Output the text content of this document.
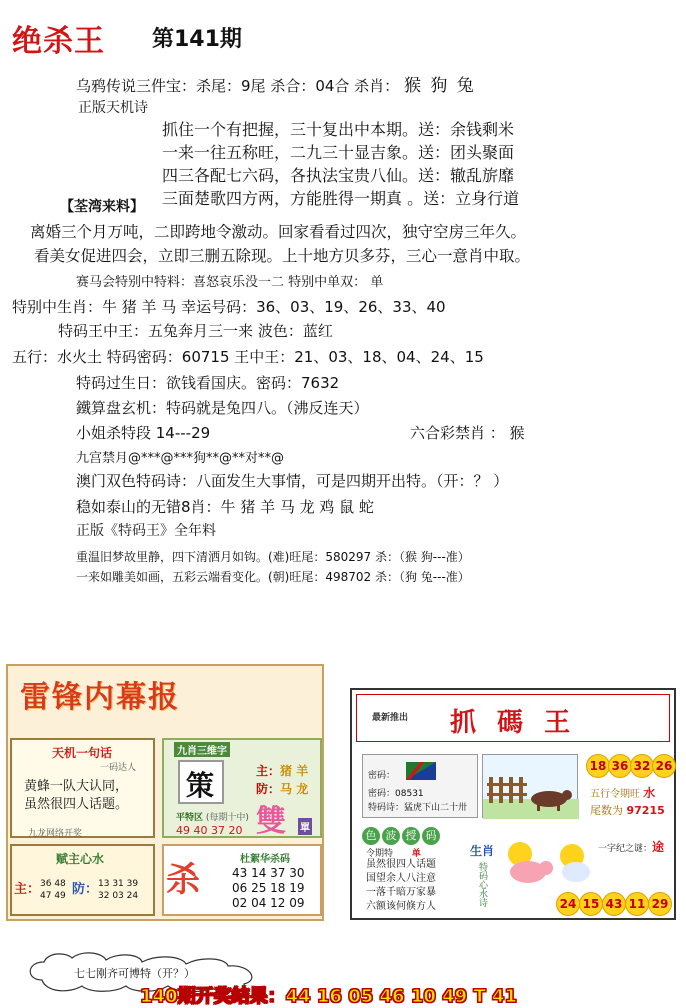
绝杀王 第141期
乌鸦传说三件宝：杀尾：9尾 杀合：04合 杀肖： 猴 狗 兔
正版天机诗
抓住一个有把握，三十复出中本期。送：余钱剩米
一来一往五称旺，二九三十显吉象。送：团头聚面
四三各配七六码，各执法宝贵八仙。送：辙乱旂靡
三面楚歌四方两，方能胜得一期真 。送：立身行道
【荃湾来料】
离婚三个月万吨，二即跨地令激动。回家看看过四次，独守空房三年久。
看美女促进四会，立即三删五除现。上十地方贝多芬，三心一意肖中取。
赛马会特别中特料：喜怒哀乐没一二 特别中单双： 单
特别中生肖：牛 猪 羊 马 幸运号码：36、03、19、26、33、40
特码王中王：五兔奔月三一来 波色：蓝红
五行：水火土 特码密码：60715 王中王：21、03、18、04、24、15
特码过生日：欲钱看国庆。密码：7632
鐵算盘玄机：特码就是兔四八。（沸反连天）
小姐杀特段 14---29	六合彩禁肖 ： 猴
九宫禁月@***@***狗**@**对**@
澳门双色特码诗：八面发生大事情，可是四期开出特。（开：？ ）
稳如泰山的无错8肖：牛 猪 羊 马 龙 鸡 鼠 蛇
正版《特码王》全年料
重温旧梦故里静，四下清洒月如钩。(难)旺尾：580297 杀：（猴 狗---准）
一来如雕美如画，五彩云端看变化。(朝)旺尾：498702 杀：（狗 兔---准）
雷锋内幕报
天机一句话
一码达人
黄蜂一队大认同，
虽然很四人话题。
九龙网络开奖
九肖三维字
策	主：猪 羊
防：马 龙
平特区 (每期十中)
49 40 37 20 雙 單
赋主心水
主： 36 48
47 49 防： 13 31 39
32 03 24 杀
杜絮华杀码
43 14 37 30
06 25 18 19
02 04 12 09
最新推出 抓 碼 王
密码：
密码：08531
特码诗：猛虎下山二十卅
18 36 32 26
五行令期旺 水
尾数为 97215
色 波 授 码
令期特 单
虽然很四人话题
国望余人八注意
一落千暗万家暴
六额该何倏方人
生肖
特码心水诗
一字纪之谜：途
24 15 43 11 29
七七刚齐可博特（开？）
140期开奖结果：44 16 05 46 10 49 T 41
